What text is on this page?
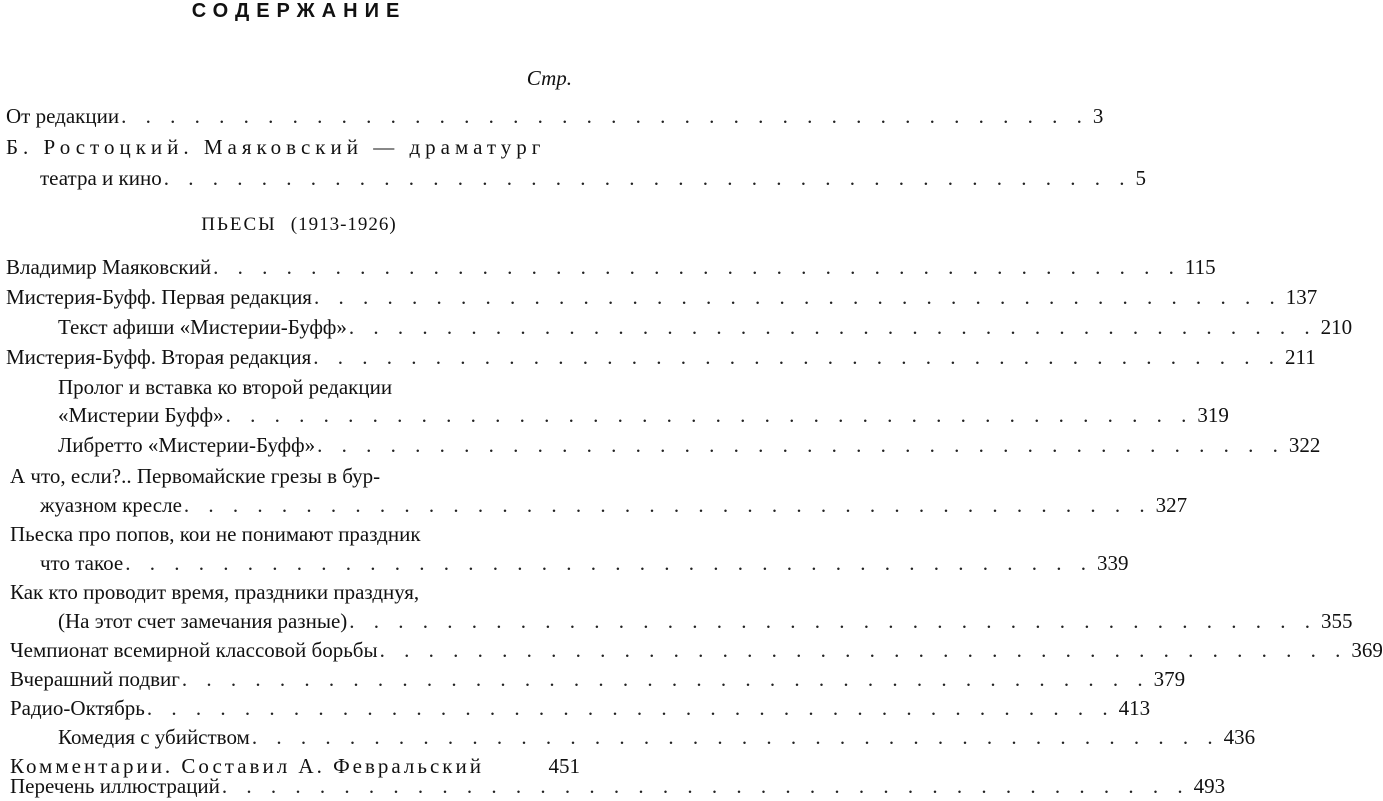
СОДЕРЖАНИЕ
Стр.
От редакции . . . . . . . . . . . . . . . . . . . . . . . . . . . . . . . . . . . . . . . . 3
Б. Ростоцкий. Маяковский — драматург
театра и кино . . . . . . . . . . . . . . . . . . . . . . . . . . . . . . . . . . . . . . . . 5
ПЬЕСЫ (1913-1926)
Владимир Маяковский . . . . . . . . . . . . . . . . . . . . . . . . . . . . . . . . . . . . . . . . 115
Мистерия-Буфф. Первая редакция . . . . . . . . . . . . . . . . . . . . . . . . . . . . . . . . . . . . . . . . 137
Текст афиши «Мистерии-Буфф» . . . . . . . . . . . . . . . . . . . . . . . . . . . . . . . . . . . . . . . . 210
Мистерия-Буфф. Вторая редакция . . . . . . . . . . . . . . . . . . . . . . . . . . . . . . . . . . . . . . . . 211
Пролог и вставка ко второй редакции
«Мистерии Буфф» . . . . . . . . . . . . . . . . . . . . . . . . . . . . . . . . . . . . . . . . 319
Либретто «Мистерии-Буфф» . . . . . . . . . . . . . . . . . . . . . . . . . . . . . . . . . . . . . . . . 322
А что, если?.. Первомайские грезы в бур-
жуазном кресле . . . . . . . . . . . . . . . . . . . . . . . . . . . . . . . . . . . . . . . . 327
Пьеска про попов, кои не понимают праздник
что такое . . . . . . . . . . . . . . . . . . . . . . . . . . . . . . . . . . . . . . . . 339
Как кто проводит время, праздники празднуя,
(На этот счет замечания разные) . . . . . . . . . . . . . . . . . . . . . . . . . . . . . . . . . . . . . . . . 355
Чемпионат всемирной классовой борьбы . . . . . . . . . . . . . . . . . . . . . . . . . . . . . . . . . . . . . . . . 369
Вчерашний подвиг . . . . . . . . . . . . . . . . . . . . . . . . . . . . . . . . . . . . . . . . 379
Радио-Октябрь . . . . . . . . . . . . . . . . . . . . . . . . . . . . . . . . . . . . . . . . 413
Комедия с убийством . . . . . . . . . . . . . . . . . . . . . . . . . . . . . . . . . . . . . . . . 436
Комментарии. Составил А. Февральский	451
Перечень иллюстраций . . . . . . . . . . . . . . . . . . . . . . . . . . . . . . . . . . . . . . . . 493
